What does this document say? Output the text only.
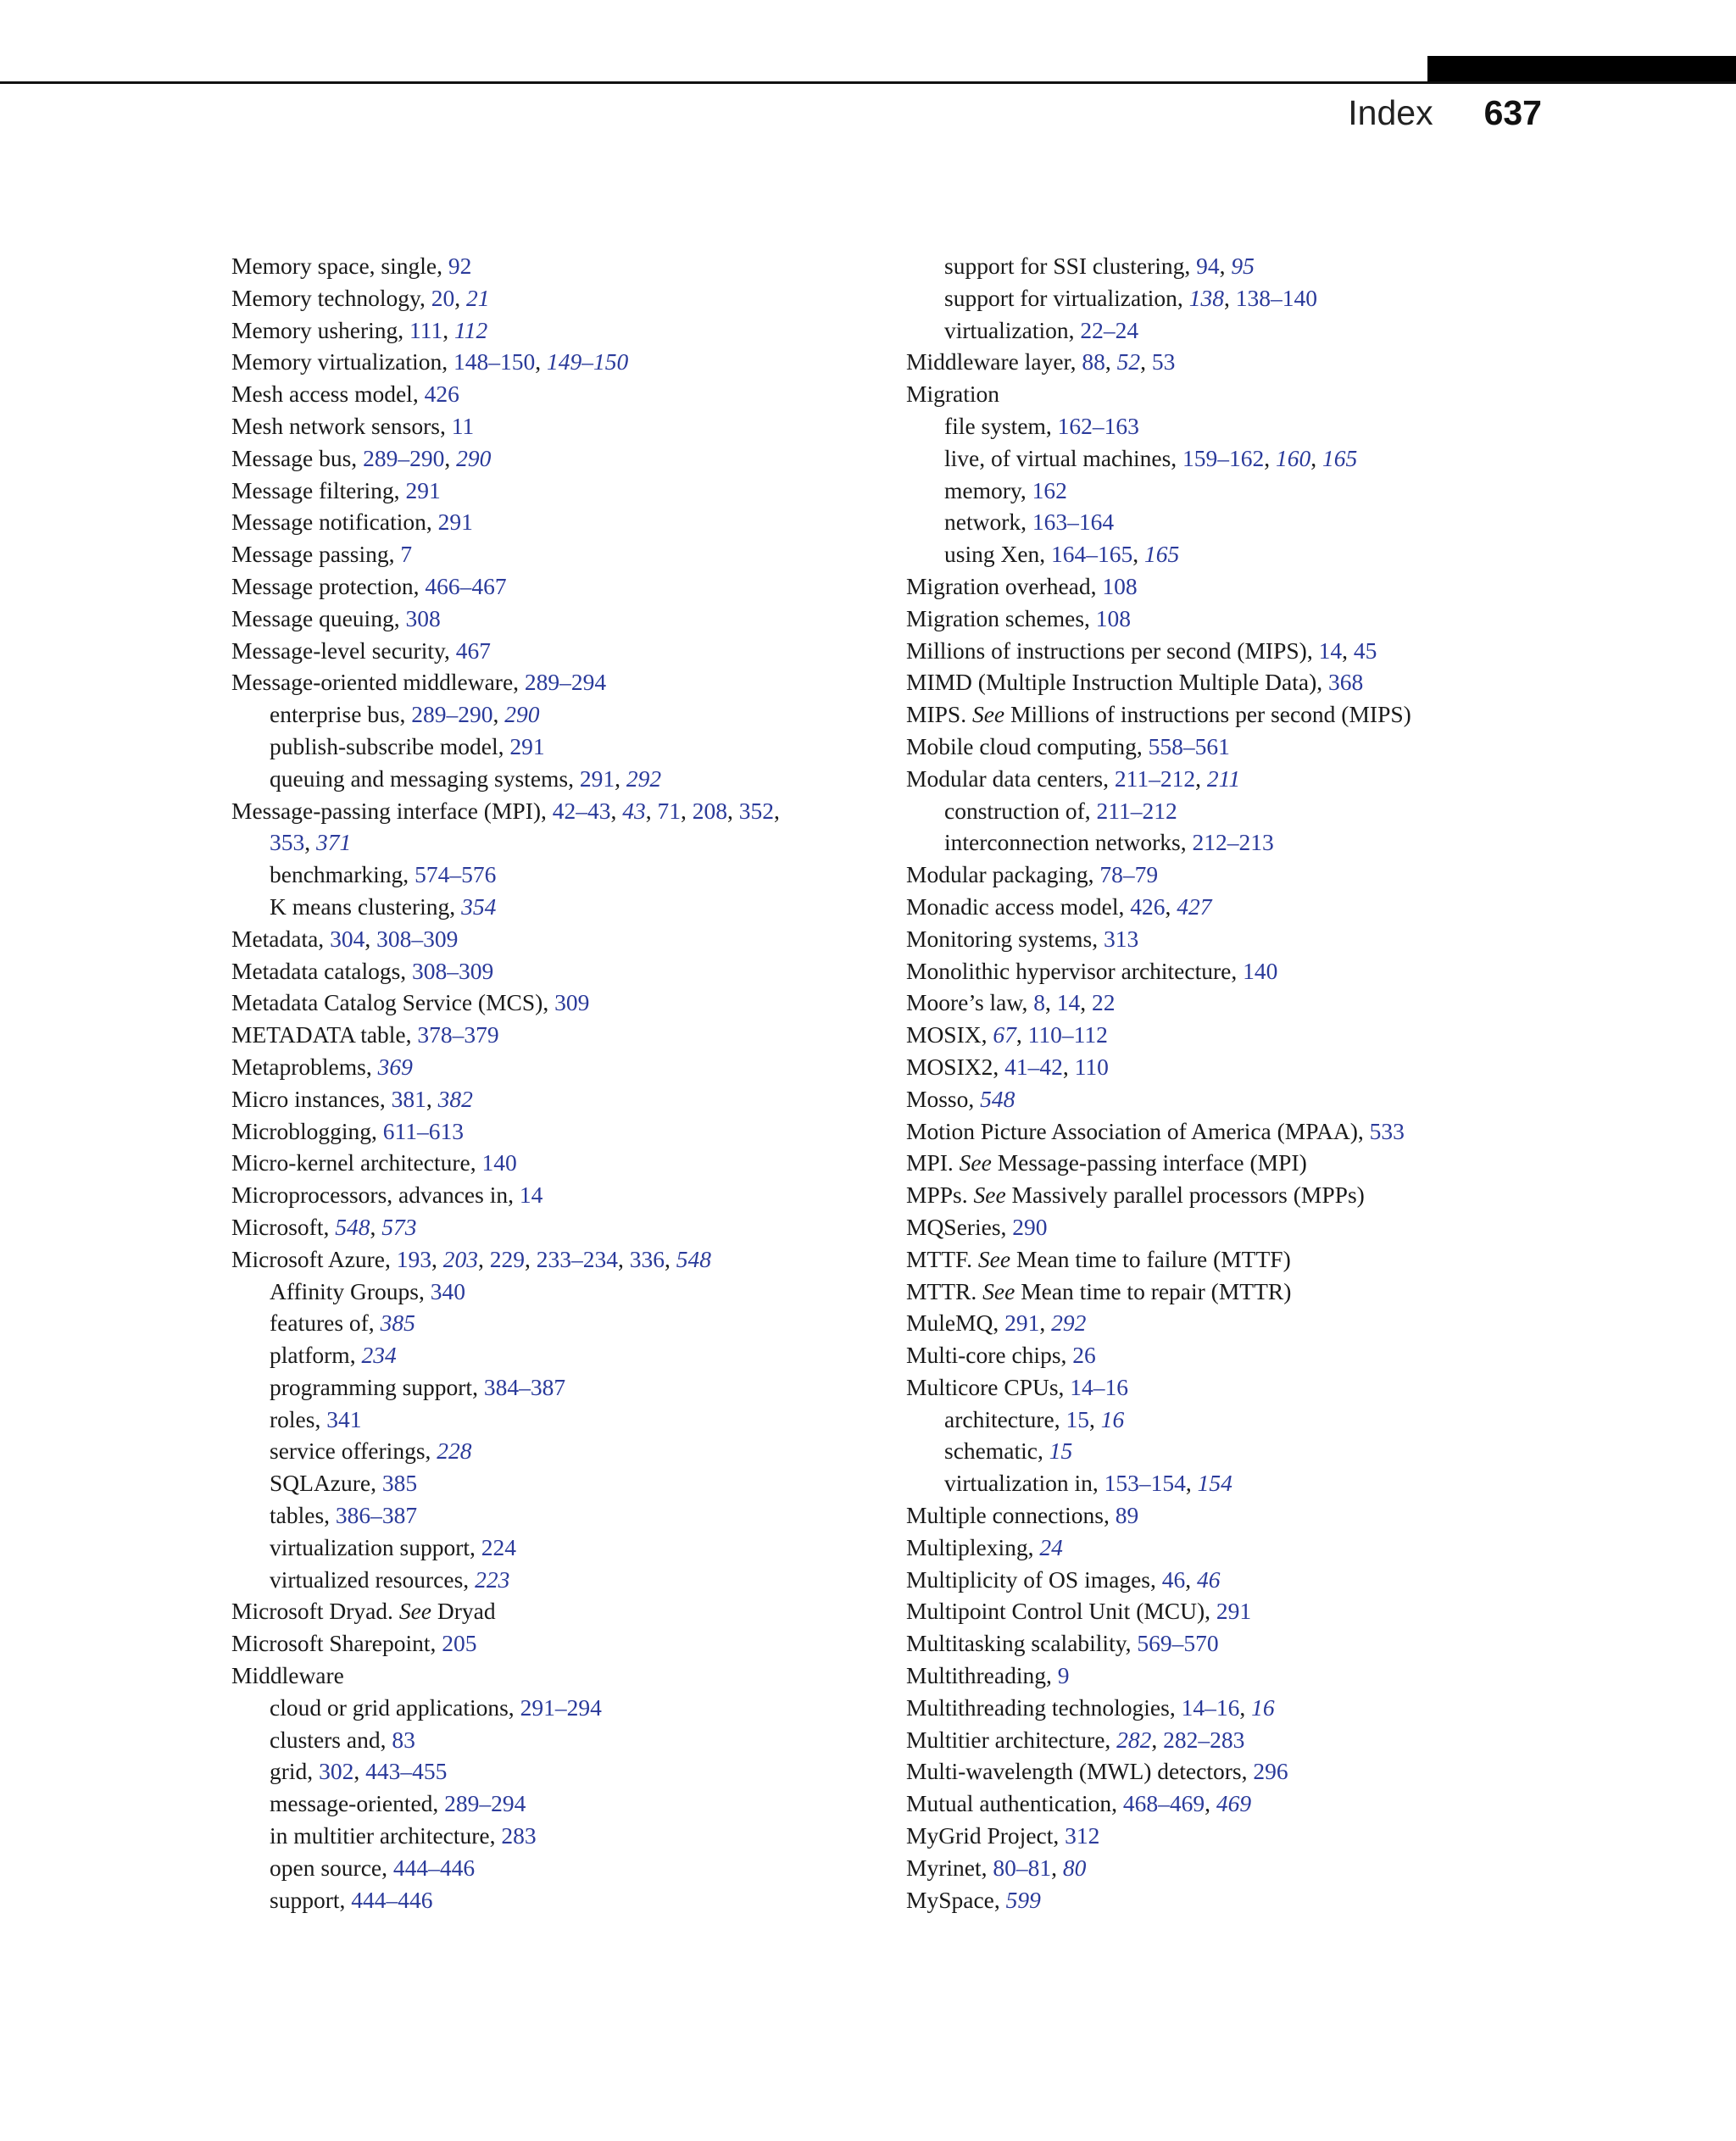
Index 637
Memory space, single, 92
Memory technology, 20, 21
Memory ushering, 111, 112
Memory virtualization, 148–150, 149–150
Mesh access model, 426
Mesh network sensors, 11
Message bus, 289–290, 290
Message filtering, 291
Message notification, 291
Message passing, 7
Message protection, 466–467
Message queuing, 308
Message-level security, 467
Message-oriented middleware, 289–294
enterprise bus, 289–290, 290
publish-subscribe model, 291
queuing and messaging systems, 291, 292
Message-passing interface (MPI), 42–43, 43, 71, 208, 352,
353, 371
benchmarking, 574–576
K means clustering, 354
Metadata, 304, 308–309
Metadata catalogs, 308–309
Metadata Catalog Service (MCS), 309
METADATA table, 378–379
Metaproblems, 369
Micro instances, 381, 382
Microblogging, 611–613
Micro-kernel architecture, 140
Microprocessors, advances in, 14
Microsoft, 548, 573
Microsoft Azure, 193, 203, 229, 233–234, 336, 548
Affinity Groups, 340
features of, 385
platform, 234
programming support, 384–387
roles, 341
service offerings, 228
SQLAzure, 385
tables, 386–387
virtualization support, 224
virtualized resources, 223
Microsoft Dryad. See Dryad
Microsoft Sharepoint, 205
Middleware
cloud or grid applications, 291–294
clusters and, 83
grid, 302, 443–455
message-oriented, 289–294
in multitier architecture, 283
open source, 444–446
support, 444–446
support for SSI clustering, 94, 95
support for virtualization, 138, 138–140
virtualization, 22–24
Middleware layer, 88, 52, 53
Migration
file system, 162–163
live, of virtual machines, 159–162, 160, 165
memory, 162
network, 163–164
using Xen, 164–165, 165
Migration overhead, 108
Migration schemes, 108
Millions of instructions per second (MIPS), 14, 45
MIMD (Multiple Instruction Multiple Data), 368
MIPS. See Millions of instructions per second (MIPS)
Mobile cloud computing, 558–561
Modular data centers, 211–212, 211
construction of, 211–212
interconnection networks, 212–213
Modular packaging, 78–79
Monadic access model, 426, 427
Monitoring systems, 313
Monolithic hypervisor architecture, 140
Moore’s law, 8, 14, 22
MOSIX, 67, 110–112
MOSIX2, 41–42, 110
Mosso, 548
Motion Picture Association of America (MPAA), 533
MPI. See Message-passing interface (MPI)
MPPs. See Massively parallel processors (MPPs)
MQSeries, 290
MTTF. See Mean time to failure (MTTF)
MTTR. See Mean time to repair (MTTR)
MuleMQ, 291, 292
Multi-core chips, 26
Multicore CPUs, 14–16
architecture, 15, 16
schematic, 15
virtualization in, 153–154, 154
Multiple connections, 89
Multiplexing, 24
Multiplicity of OS images, 46, 46
Multipoint Control Unit (MCU), 291
Multitasking scalability, 569–570
Multithreading, 9
Multithreading technologies, 14–16, 16
Multitier architecture, 282, 282–283
Multi-wavelength (MWL) detectors, 296
Mutual authentication, 468–469, 469
MyGrid Project, 312
Myrinet, 80–81, 80
MySpace, 599
